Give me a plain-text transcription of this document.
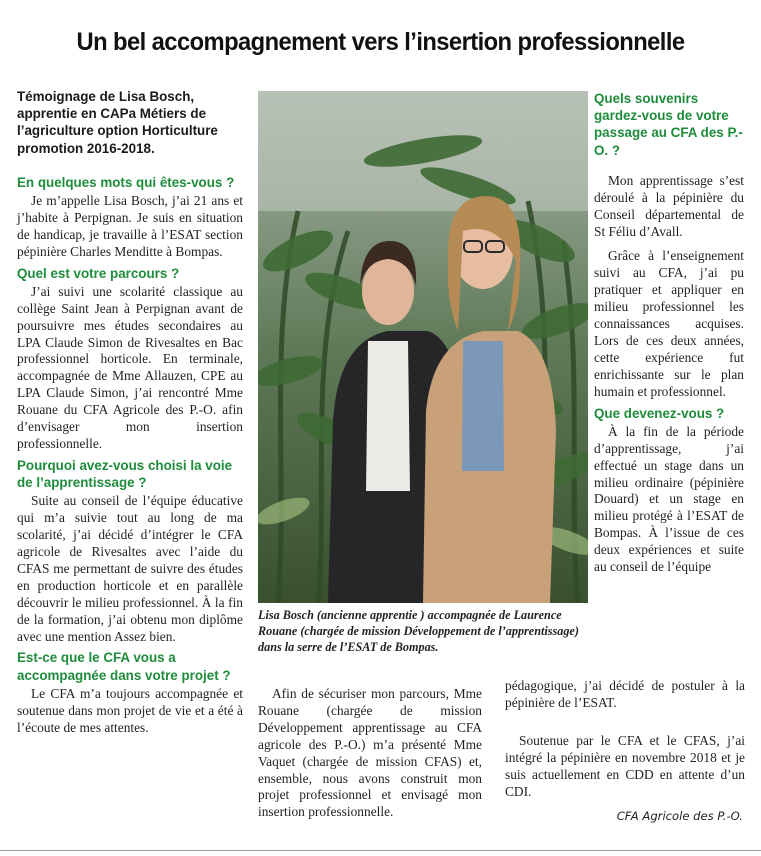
Un bel accompagnement vers l’insertion professionnelle

Témoignage de Lisa Bosch, apprentie en CAPa Métiers de l’agriculture option Horticulture promotion 2016-2018.

En quelques mots qui êtes-vous ?

Je m’appelle Lisa Bosch, j’ai 21 ans et j’habite à Perpignan. Je suis en situation de handicap, je travaille à l’ESAT section pépinière Charles Menditte à Bompas.

Quel est votre parcours ?

J’ai suivi une scolarité classique au collège Saint Jean à Perpignan avant de poursuivre mes études secondaires au LPA Claude Simon de Rivesaltes en Bac professionnel horticole. En terminale, accompagnée de Mme Allauzen, CPE au LPA Claude Simon, j’ai rencontré Mme Rouane du CFA Agricole des P.-O. afin d’envisager mon insertion professionnelle.

Pourquoi avez-vous choisi la voie de l’apprentissage ?

Suite au conseil de l’équipe éducative qui m’a suivie tout au long de ma scolarité, j’ai décidé d’intégrer le CFA agricole de Rivesaltes avec l’aide du CFAS me permettant de suivre des études en production horticole et en parallèle découvrir le milieu professionnel. À la fin de la formation, j’ai obtenu mon diplôme avec une mention Assez bien.

Est-ce que le CFA vous a accompagnée dans votre projet ?

Le CFA m’a toujours accompagnée et soutenue dans mon projet de vie et a été à l’écoute de mes attentes.

Lisa Bosch (ancienne apprentie ) accompagnée de Laurence Rouane (chargée de mission Développement de l’apprentissage) dans la serre de l’ESAT de Bompas.

Afin de sécuriser mon parcours, Mme Rouane (chargée de mission Développement apprentissage au CFA agricole des P.-O.) m’a présenté Mme Vaquet (chargée de mission CFAS) et, ensemble, nous avons construit mon projet professionnel et envisagé mon insertion professionnelle.

Quels souvenirs gardez-vous de votre passage au CFA des P.-O. ?

Mon apprentissage s’est déroulé à la pépinière du Conseil départemental de St Féliu d’Avall.

Grâce à l’enseignement suivi au CFA, j’ai pu pratiquer et appliquer en milieu professionnel les connaissances acquises. Lors de ces deux années, cette expérience fut enrichissante sur le plan humain et professionnel.

Que devenez-vous ?

À la fin de la période d’apprentissage, j’ai effectué un stage dans un milieu ordinaire (pépinière Douard) et un stage en milieu protégé à l’ESAT de Bompas. À l’issue de ces deux expériences et suite au conseil de l’équipe

pédagogique, j’ai décidé de postuler à la pépinière de l’ESAT.

Soutenue par le CFA et le CFAS, j’ai intégré la pépinière en novembre 2018 et je suis actuellement en CDD en attente d’un CDI.

CFA Agricole des P.-O.
